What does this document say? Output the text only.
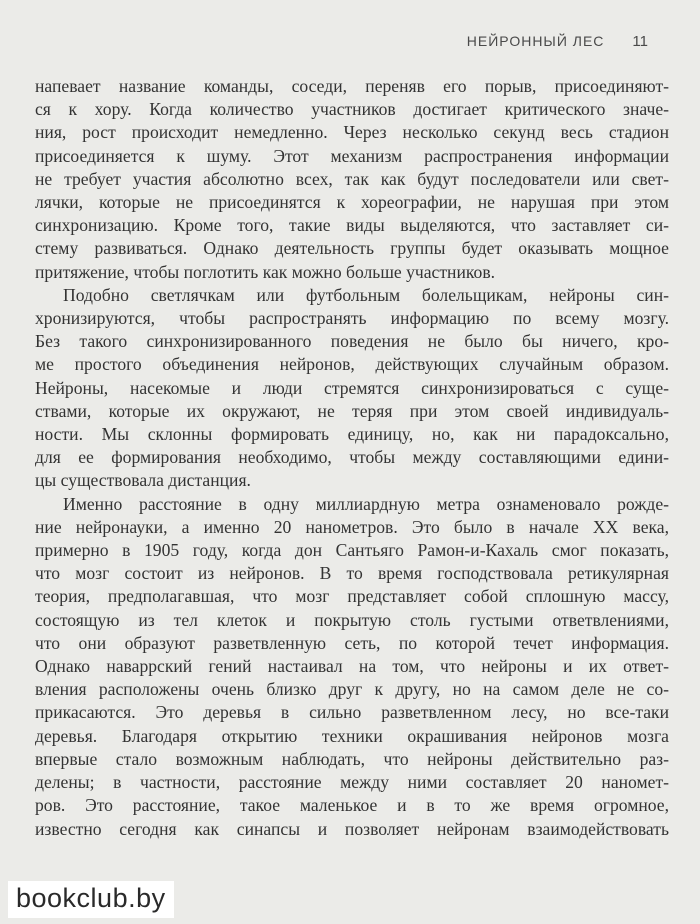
НЕЙРОННЫЙ ЛЕС 11

напевает название команды, соседи, переняв его порыв, присоединяют-
ся к хору. Когда количество участников достигает критического значе-
ния, рост происходит немедленно. Через несколько секунд весь стадион
присоединяется к шуму. Этот механизм распространения информации
не требует участия абсолютно всех, так как будут последователи или свет-
лячки, которые не присоединятся к хореографии, не нарушая при этом
синхронизацию. Кроме того, такие виды выделяются, что заставляет си-
стему развиваться. Однако деятельность группы будет оказывать мощное
притяжение, чтобы поглотить как можно больше участников.

Подобно светлячкам или футбольным болельщикам, нейроны син-
хронизируются, чтобы распространять информацию по всему мозгу.
Без такого синхронизированного поведения не было бы ничего, кро-
ме простого объединения нейронов, действующих случайным образом.
Нейроны, насекомые и люди стремятся синхронизироваться с суще-
ствами, которые их окружают, не теряя при этом своей индивидуаль-
ности. Мы склонны формировать единицу, но, как ни парадоксально,
для ее формирования необходимо, чтобы между составляющими едини-
цы существовала дистанция.

Именно расстояние в одну миллиардную метра ознаменовало рожде-
ние нейронауки, а именно 20 нанометров. Это было в начале XX века,
примерно в 1905 году, когда дон Сантьяго Рамон-и-Кахаль смог показать,
что мозг состоит из нейронов. В то время господствовала ретикулярная
теория, предполагавшая, что мозг представляет собой сплошную массу,
состоящую из тел клеток и покрытую столь густыми ответвлениями,
что они образуют разветвленную сеть, по которой течет информация.
Однако наваррский гений настаивал на том, что нейроны и их ответ-
вления расположены очень близко друг к другу, но на самом деле не со-
прикасаются. Это деревья в сильно разветвленном лесу, но все-таки
деревья. Благодаря открытию техники окрашивания нейронов мозга
впервые стало возможным наблюдать, что нейроны действительно раз-
делены; в частности, расстояние между ними составляет 20 наномет-
ров. Это расстояние, такое маленькое и в то же время огромное,
известно сегодня как синапсы и позволяет нейронам взаимодействовать

bookclub.by
